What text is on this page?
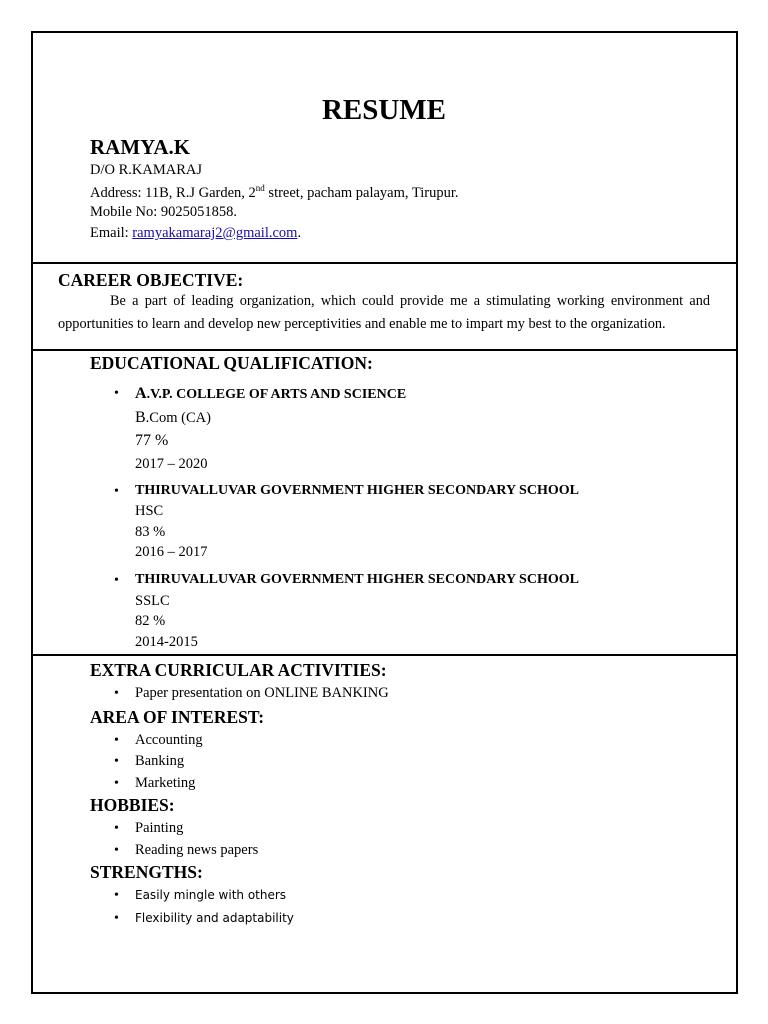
RESUME
RAMYA.K
D/O R.KAMARAJ
Address: 11B, R.J Garden, 2nd street, pacham palayam, Tirupur.
Mobile No: 9025051858.
Email: ramyakamaraj2@gmail.com.
CAREER OBJECTIVE:
Be a part of leading organization, which could provide me a stimulating working environment and opportunities to learn and develop new perceptivities and enable me to impart my best to the organization.
EDUCATIONAL QUALIFICATION:
• A.V.P. COLLEGE OF ARTS AND SCIENCE
B.Com (CA)
77 %
2017 – 2020
• THIRUVALLUVAR GOVERNMENT HIGHER SECONDARY SCHOOL
HSC
83 %
2016 – 2017
• THIRUVALLUVAR GOVERNMENT HIGHER SECONDARY SCHOOL
SSLC
82 %
2014-2015
EXTRA CURRICULAR ACTIVITIES:
• Paper presentation on ONLINE BANKING
AREA OF INTEREST:
• Accounting
• Banking
• Marketing
HOBBIES:
• Painting
• Reading news papers
STRENGTHS:
• Easily mingle with others
• Flexibility and adaptability
